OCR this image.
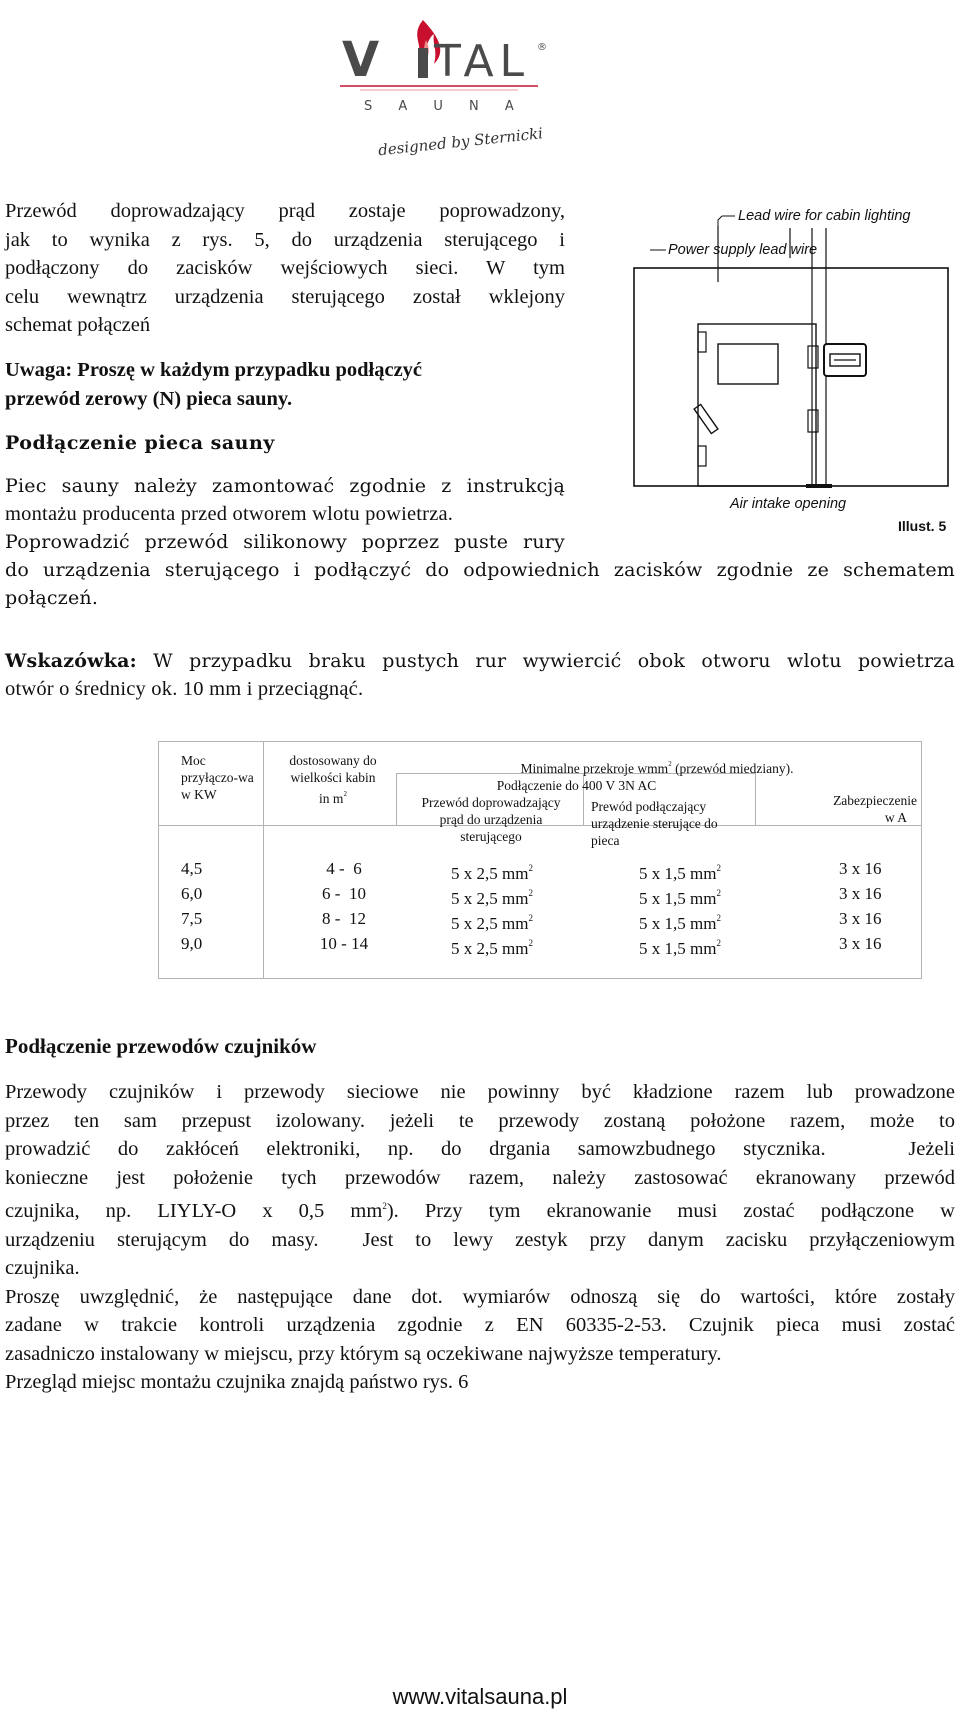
V TAL ®
S A U N A
designed by Sternicki
Przewód doprowadzający prąd zostaje poprowadzony,
jak to wynika z rys. 5, do urządzenia sterującego i
podłączony do zacisków wejściowych sieci. W tym
celu wewnątrz urządzenia sterującego został wklejony
schemat połączeń
Uwaga: Proszę w każdym przypadku podłączyć
przewód zerowy (N) pieca sauny.
Podłączenie pieca sauny
Piec sauny należy zamontować zgodnie z instrukcją
montażu producenta przed otworem wlotu powietrza.
Poprowadzić przewód silikonowy poprzez puste rury
do urządzenia sterującego i podłączyć do odpowiednich zacisków zgodnie ze schematem
połączeń.
Wskazówka: W przypadku braku pustych rur wywiercić obok otworu wlotu powietrza
otwór o średnicy ok. 10 mm i przeciągnąć.
Lead wire for cabin lighting
Power supply lead wire
Air intake opening
Illust. 5
Moc
przyłączo-wa
w KW
dostosowany do
wielkości kabin
in $m^2$
Minimalne przekroje wmm$^2$ (przewód miedziany).
Podłączenie do 400 V 3N AC
Przewód doprowadzający
prąd do urządzenia
sterującego
Prewód podłączający
urządzenie sterujące do
pieca
Zabezpieczenie
w A
4,5	4 -  6	5 x 2,5 $mm^2$	5 x 1,5 $mm^2$	3 x 16
6,0	6 -  10	5 x 2,5 $mm^2$	5 x 1,5 $mm^2$	3 x 16
7,5	8 -  12	5 x 2,5 $mm^2$	5 x 1,5 $mm^2$	3 x 16
9,0	10 - 14	5 x 2,5 $mm^2$	5 x 1,5 $mm^2$	3 x 16
Podłączenie przewodów czujników
Przewody czujników i przewody sieciowe nie powinny być kładzione razem lub prowadzone
przez ten sam przepust izolowany. jeżeli te przewody zostaną położone razem, może to
prowadzić do zakłóceń elektroniki, np. do drgania samowzbudnego stycznika.   Jeżeli
konieczne jest położenie tych przewodów razem, należy zastosować ekranowany przewód
czujnika, np. LIYLY-O x 0,5 $mm^2$). Przy tym ekranowanie musi zostać podłączone w
urządzeniu sterującym do masy.  Jest to lewy zestyk przy danym zacisku przyłączeniowym
czujnika.
Proszę uwzględnić, że następujące dane dot. wymiarów odnoszą się do wartości, które zostały
zadane w trakcie kontroli urządzenia zgodnie z EN 60335-2-53. Czujnik pieca musi zostać
zasadniczo instalowany w miejscu, przy którym są oczekiwane najwyższe temperatury.
Przegląd miejsc montażu czujnika znajdą państwo rys. 6
www.vitalsauna.pl
